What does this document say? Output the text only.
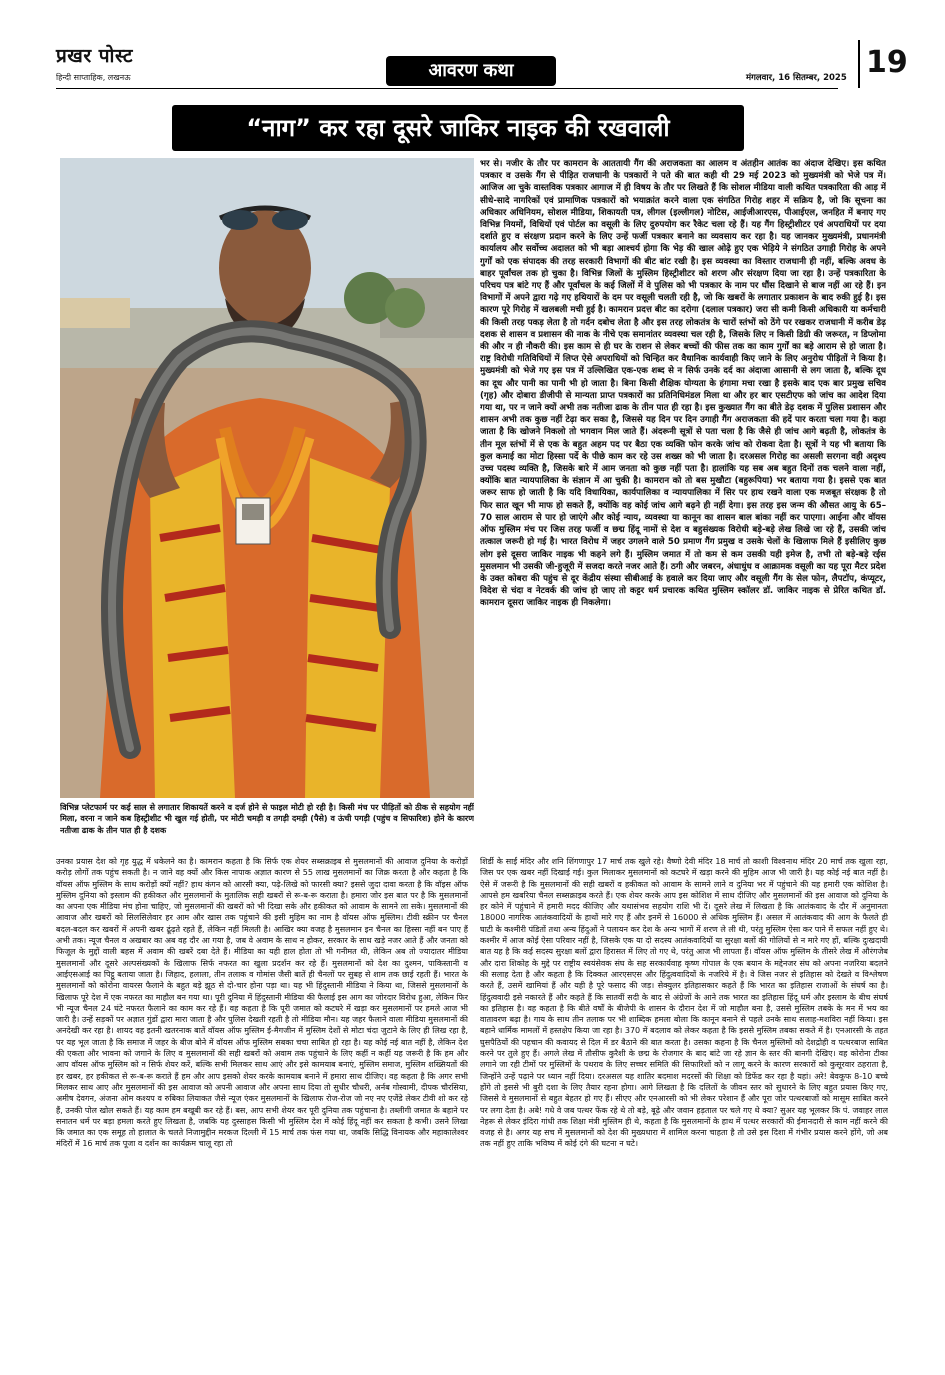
प्रखर पोस्ट
हिन्दी साप्ताहिक, लखनऊ	आवरण कथा	मंगलवार, 16 सितम्बर, 2025 19
“नाग” कर रहा दूसरे जाकिर नाइक की रखवाली
विभिन्न प्लेटफार्म पर कई साल से लगातार शिकायतें करने व दर्ज होने से फाइल मोटी हो रही है। किसी मंच पर पीड़ितों को ठीक से सहयोग नहीं मिला, वरना न जाने कब हिस्ट्रीशीट भी खुल गई होती, पर मोटी चमड़ी व तगड़ी दमड़ी (पैसे) व ऊंची पगड़ी (पहुंच व सिफारिश) होने के कारण नतीजा ढाक के तीन पात ही है दशक

भर से। नजीर के तौर पर कामरान के आततायी गैंग की अराजकता का आलम व अंतहीन आतंक का अंदाज देखिए। इस कथित पत्रकार व उसके गैंग से पीड़ित राजधानी के पत्रकारों ने पते की बात कही थी 29 मई 2023 को मुख्यमंत्री को भेजे पत्र में। आजिज आ चुके वास्तविक पत्रकार आगाज में ही विषय के तौर पर लिखते हैं कि सोशल मीडिया वाली कथित पत्रकारिता की आड़ में सीधे-सादे नागरिकों एवं प्रामाणिक पत्रकारों को भयाक्रांत करने वाला एक संगठित गिरोह शहर में सक्रिय है, जो कि सूचना का अधिकार अधिनियम, सोशल मीडिया, शिकायती पत्र, लीगल (इल्लीगल) नोटिस, आईजीआरएस, पीआईएल, जनहित में बनाए गए विभिन्न नियमों, विधियों एवं पोर्टल का वसूली के लिए दुरुपयोग कर रैकेट चला रहे हैं। यह गैंग हिस्ट्रीशीटर एवं अपराधियों पर दया दर्शाते हुए व संरक्षण प्रदान करने के लिए उन्हें फर्जी पत्रकार बनाने का व्यवसाय कर रहा है। यह जानकर मुख्यमंत्री, प्रधानमंत्री कार्यालय और सर्वोच्च अदालत को भी बड़ा आश्चर्य होगा कि भेड़ की खाल ओढ़े हुए एक भेड़िये ने संगठित उगाही गिरोह के अपने गुर्गों को एक संपादक की तरह सरकारी विभागों की बीट बांट रखी है। इस व्यवस्था का विस्तार राजधानी ही नहीं, बल्कि अवध के बाहर पूर्वांचल तक हो चुका है। विभिन्न जिलों के मुस्लिम हिस्ट्रीशीटर को शरण और संरक्षण दिया जा रहा है। उन्हें पत्रकारिता के परिचय पत्र बांटे गए हैं और पूर्वांचल के कई जिलों में वे पुलिस को भी पत्रकार के नाम पर धौंस दिखाने से बाज नहीं आ रहे हैं। इन विभागों में अपने द्वारा गढ़े गए हथियारों के दम पर वसूली चलती रही है, जो कि खबरों के लगातार प्रकाशन के बाद रुकी हुई है। इस कारण पूरे गिरोह में खलबली मची हुई है। कामरान प्रदत्त बीट का दरोगा (दलाल पत्रकार) जरा सी कमी किसी अधिकारी या कर्मचारी की किसी तरह पकड़ लेता है तो गर्दन दबोच लेता है और इस तरह लोकतंत्र के चारों स्तंभों को ठेंगे पर रखकर राजधानी में करीब डेढ़ दशक से शासन व प्रशासन की नाक के नीचे एक समानांतर व्यवस्था चल रही है, जिसके लिए न किसी डिग्री की जरूरत, न डिप्लोमा की और न ही नौकरी की। इस काम से ही घर के राशन से लेकर बच्चों की फीस तक का काम गुर्गों का बड़े आराम से हो जाता है। राष्ट्र विरोधी गतिविधियों में लिप्त ऐसे अपराधियों को चिन्हित कर वैधानिक कार्यवाही किए जाने के लिए अनुरोध पीड़ितों ने किया है। मुख्यमंत्री को भेजे गए इस पत्र में उल्लिखित एक-एक शब्द से न सिर्फ उनके दर्द का अंदाजा आसानी से लग जाता है, बल्कि दूध का दूध और पानी का पानी भी हो जाता है। बिना किसी शैक्षिक योग्यता के हंगामा मचा रखा है इसके बाद एक बार प्रमुख सचिव (गृह) और दोबारा डीजीपी से मान्यता प्राप्त पत्रकारों का प्रतिनिधिमंडल मिला था और हर बार एसटीएफ को जांच का आदेश दिया गया था, पर न जाने क्यों अभी तक नतीजा ढाक के तीन पात ही रहा है। इस कुख्यात गैंग का बीते डेढ़ दशक में पुलिस प्रशासन और शासन अभी तक कुछ नहीं टेढ़ा कर सका है, जिससे यह दिन पर दिन उगाही गैंग अराजकता की हदें पार करता चला गया है। कहा जाता है कि खोजने निकलो तो भगवान मिल जाते हैं। अंदरूनी सूत्रों से पता चला है कि जैसे ही जांच आगे बढ़ती है, लोकतंत्र के तीन मूल स्तंभों में से एक के बहुत अहम पद पर बैठा एक व्यक्ति फोन करके जांच को रोकवा देता है। सूत्रों ने यह भी बताया कि कुल कमाई का मोटा हिस्सा पर्दे के पीछे काम कर रहे उस शख्स को भी जाता है। दरअसल गिरोह का असली सरगना वही अदृश्य उच्च पदस्थ व्यक्ति है, जिसके बारे में आम जनता को कुछ नहीं पता है। हालांकि यह सब अब बहुत दिनों तक चलने वाला नहीं, क्योंकि बात न्यायपालिका के संज्ञान में आ चुकी है। कामरान को तो बस मुखौटा (बहुरूपिया) भर बताया गया है। इससे एक बात जरूर साफ हो जाती है कि यदि विधायिका, कार्यपालिका व न्यायपालिका में सिर पर हाथ रखने वाला एक मजबूत संरक्षक है तो फिर सात खून भी माफ हो सकते हैं, क्योंकि वह कोई जांच आगे बढ़ने ही नहीं देगा। इस तरह इस जन्म की औसत आयु के 65–70 साल आराम से पार हो जाएंगे और कोई न्याय, व्यवस्था या कानून का शासन बाल बांका नहीं कर पाएगा। आईना और वॉयस ऑफ मुस्लिम मंच पर जिस तरह फर्जी व छद्म हिंदू नामों से देश व बहुसंख्यक विरोधी बड़े-बड़े लेख लिखे जा रहे हैं, उसकी जांच तत्काल जरूरी हो गई है। भारत विरोध में जहर उगलने वाले 50 प्रमाण गैंग प्रमुख व उसके चेलों के खिलाफ मिले हैं इसीलिए कुछ लोग इसे दूसरा जाकिर नाइक भी कहने लगे हैं। मुस्लिम जमात में तो कम से कम उसकी यही इमेज है, तभी तो बड़े-बड़े रईस मुसलमान भी उसकी जी-हुजूरी में सजदा करते नजर आते हैं। ठगी और जबरन, अंधाधुंध व आक्रामक वसूली का यह पूरा मैटर प्रदेश के उक्त कोबरा की पहुंच से दूर केंद्रीय संस्था सीबीआई के हवाले कर दिया जाए और वसूली गैंग के सेल फोन, लैपटॉप, कंप्यूटर, विदेश से चंदा व नेटवर्क की जांच हो जाए तो कट्टर धर्म प्रचारक कथित मुस्लिम स्कॉलर डॉ. जाकिर नाइक से प्रेरित कथित डॉ. कामरान दूसरा जाकिर नाइक ही निकलेगा।

उनका प्रयास देश को गृह युद्ध में धकेलने का है। कामरान कहता है कि सिर्फ एक शेयर सब्सक्राइब से मुसलमानों की आवाज दुनिया के करोड़ों करोड़ लोगों तक पहुंच सकती है। न जाने वह क्यों और किस नापाक अज्ञात कारण से 55 लाख मुसलमानों का जिक्र करता है और कहता है कि वॉयस ऑफ मुस्लिम के साथ करोड़ों क्यों नहीं? हाथ कंगन को आरसी क्या, पढ़े-लिखे को फारसी क्या? इससे जुदा दावा करता है कि वॉइस ऑफ मुस्लिम दुनिया को इस्लाम की हकीकत और मुसलमानों के मुतालिक सही खबरों से रू-ब-रू कराता है। हमारा जोर इस बात पर है कि मुसलमानों का अपना एक मीडिया मंच होना चाहिए, जो मुसलमानों की खबरों को भी दिखा सके और हकीकत को आवाम के सामने ला सके। मुसलमानों की आवाज और खबरों को सिलसिलेवार हर आम और खास तक पहुंचाने की इसी मुहिम का नाम है वॉयस ऑफ मुस्लिम। टीवी स्क्रीन पर चैनल बदल-बदल कर खबरों में अपनी खबर ढूंढ़ते रहते हैं, लेकिन नहीं मिलती है। आखिर क्या वजह है मुसलमान इन चैनल का हिस्सा नहीं बन पाए हैं अभी तक। न्यूज चैनल व अखबार का अब वह दौर आ गया है, जब वे अवाम के साथ न होकर, सरकार के साथ खड़े नजर आते हैं और जनता को फिजूल के मुद्दों वाली बहस में अवाम की खबरें दबा देते हैं। मीडिया का यही हाल होता तो भी गनीमत थी, लेकिन अब तो ज्यादातर मीडिया मुसलमानों और दूसरे अल्पसंख्यकों के खिलाफ सिर्फ नफरत का खुला प्रदर्शन कर रहे हैं। मुसलमानों को देश का दुश्मन, पाकिस्तानी व आईएसआई का पिट्ठू बताया जाता है। जिहाद, हलाला, तीन तलाक व गोमांस जैसी बातें ही चैनलों पर सुबह से शाम तक छाई रहती हैं। भारत के मुसलमानों को कोरोना वायरस फैलाने के बहुत बड़े झूठ से दो-चार होना पड़ा था। यह भी हिंदुस्तानी मीडिया ने किया था, जिससे मुसलमानों के खिलाफ पूरे देश में एक नफरत का माहौल बन गया था। पूरी दुनिया में हिंदुस्तानी मीडिया की फैलाई इस आग का जोरदार विरोध हुआ, लेकिन फिर भी न्यूज चैनल 24 घंटे नफरत फैलाने का काम कर रहे हैं। वह कहता है कि पूरी जमात को कटघरे में खड़ा कर मुसलमानों पर हमले आज भी जारी है। उन्हें सड़कों पर अज्ञात गुंडों द्वारा मारा जाता है और पुलिस देखती रहती है तो मीडिया मौन। यह जहर फैलाने वाला मीडिया मुसलमानों की अनदेखी कर रहा है। शायद वह इतनी खतरनाक बातें वॉयस ऑफ मुस्लिम ई-मैगजीन में मुस्लिम देशों से मोटा चंदा जुटाने के लिए ही लिख रहा है, पर यह भूल जाता है कि समाज में जहर के बीज बोने में वॉयस ऑफ मुस्लिम सबका चचा साबित हो रहा है। यह कोई नई बात नहीं है, लेकिन देश की एकता और भावना को जगाने के लिए व मुसलमानों की सही खबरों को अवाम तक पहुंचाने के लिए कहीं न कहीं यह जरूरी है कि हम और आप वॉयस ऑफ मुस्लिम को न सिर्फ शेयर करें, बल्कि सभी मिलकर साथ आएं और इसे कामयाब बनाएं, मुस्लिम समाज, मुस्लिम शख्सियतों की हर खबर, हर हकीकत से रू-ब-रू कराते हैं हम और आप इसको शेयर करके कामयाब बनाने में हमारा साथ दीजिए। वह कहता है कि अगर सभी मिलकर साथ आए और मुसलमानों की इस आवाज को अपनी आवाज और अपना साथ दिया तो सुधीर चौधरी, अर्नब गोस्वामी, दीपक चौरसिया, अमीष देवगन, अंजना ओम कश्यप व रुबिका लियाकत जैसे न्यूज एंकर मुसलमानों के खिलाफ रोज-रोज जो नए नए एजेंडे लेकर टीवी शो कर रहे हैं, उनकी पोल खोल सकते हैं। यह काम हम बखूबी कर रहे हैं। बस, आप सभी शेयर कर पूरी दुनिया तक पहुंचाना है। तब्लीगी जमात के बहाने पर सनातन धर्म पर बड़ा हमला करते हुए लिखता है, जबकि यह दुस्साहस किसी भी मुस्लिम देश में कोई हिंदू नहीं कर सकता है कभी। उसने लिखा कि जमात का एक समूह तो हालात के चलते निजामुद्दीन मरकज दिल्ली में 15 मार्च तक फंस गया था, जबकि सिद्धि विनायक और महाकालेश्वर मंदिरों में 16 मार्च तक पूजा व दर्शन का कार्यक्रम चालू रहा तो

शिर्डी के साईं मंदिर और शनि शिंगणापुर 17 मार्च तक खुले रहे। वैष्णो देवी मंदिर 18 मार्च तो काशी विश्वनाथ मंदिर 20 मार्च तक खुला रहा, जिस पर एक खबर नहीं दिखाई गई। कुल मिलाकर मुसलमानों को कटघरे में खड़ा करने की मुहिम आज भी जारी है। यह कोई नई बात नहीं है। ऐसे में जरूरी है कि मुसलमानों की सही खबरों व हकीकत को आवाम के सामने लाने व दुनिया भर में पहुंचाने की यह हमारी एक कोशिश है। आपसे हम खबरिया चैनल सब्सक्राइब करते हैं। एक शेयर करके आप इस कोशिश में साथ दीजिए और मुसलमानों की इस आवाज को दुनिया के हर कोने में पहुंचाने में हमारी मदद कीजिए और यथासंभव सहयोग राशि भी दें। दूसरे लेख में लिखता है कि आतंकवाद के दौर में अनुमानतः 18000 नागरिक आतंकवादियों के हाथों मारे गए हैं और इनमें से 16000 से अधिक मुस्लिम हैं। असल में आतंकवाद की आग के फैलते ही घाटी के कश्मीरी पंडितों तथा अन्य हिंदुओं ने पलायन कर देश के अन्य भागों में शरण ले ली थी, परंतु मुस्लिम ऐसा कर पाने में सफल नहीं हुए थे। कश्मीर में आज कोई ऐसा परिवार नहीं है, जिसके एक या दो सदस्य आतंकवादियों या सुरक्षा बलों की गोलियों से न मारे गए हों, बल्कि दुःखदायी बात यह है कि कई सदस्य सुरक्षा बलों द्वारा हिरासत में लिए तो गए थे, परंतु आज भी लापता हैं। वॉयस ऑफ मुस्लिम के तीसरे लेख में औरंगजेब और दारा शिकोह के मुद्दे पर राष्ट्रीय स्वयंसेवक संघ के सह सरकार्यवाह कृष्ण गोपाल के एक बयान के मद्देनजर संघ को अपना नजरिया बदलने की सलाह देता है और कहता है कि दिक्कत आरएसएस और हिंदुत्ववादियों के नजरिये में है। वे जिस नजर से इतिहास को देखते व विश्लेषण करते हैं, उसमें खामियां हैं और यही है पूरे फसाद की जड़। सेक्युलर इतिहासकार कहते हैं कि भारत का इतिहास राजाओं के संघर्ष का है। हिंदुत्ववादी इसे नकारते हैं और कहते हैं कि सातवीं सदी के बाद से अंग्रेजों के आने तक भारत का इतिहास हिंदू धर्म और इस्लाम के बीच संघर्ष का इतिहास है। वह कहता है कि बीते वर्षों के बीजेपी के शासन के दौरान देश में जो माहौल बना है, उससे मुस्लिम तबके के मन में भय का वातावरण बढ़ा है। गाय के साथ तीन तलाक पर भी शाब्दिक हमला बोला कि कानून बनाने से पहले उनके साथ सलाह-मशविरा नहीं किया। इस बहाने धार्मिक मामलों में हस्तक्षेप किया जा रहा है। 370 में बदलाव को लेकर कहता है कि इससे मुस्लिम तबका सकते में है। एनआरसी के तहत घुसपैठियों की पहचान की कवायद से दिल में डर बैठाने की बात करता है। उसका कहना है कि चैनल मुस्लिमों को देशद्रोही व पत्थरबाज साबित करने पर तुले हुए हैं। अगले लेख में तौसीफ कुरैशी के छद्म के रोजगार के बाद बांटे जा रहे ज्ञान के स्तर की बानगी देखिए। वह कोरोना टीका लगाने जा रही टीमों पर मुस्लिमों के पथराव के लिए सच्चर समिति की सिफारिशों को न लागू करने के कारण सरकारों को कुसूरवार ठहराता है, जिन्होंने उन्हें पढ़ाने पर ध्यान नहीं दिया। दरअसल यह शातिर बदमाश मदरसों की शिक्षा को डिफेंड कर रहा है यहां। अरे! बेवकूफ 8-10 बच्चे होंगे तो इससे भी बुरी दशा के लिए तैयार रहना होगा। आगे लिखता है कि दलितों के जीवन स्तर को सुधारने के लिए बहुत प्रयास किए गए, जिससे वे मुसलमानों से बहुत बेहतर हो गए हैं। सीएए और एनआरसी को भी लेकर परेशान हैं और पूरा जोर पत्थरबाजों को मासूम साबित करने पर लगा देता है। अबे! गधे वे जब पत्थर फेंक रहे थे तो बड़े, बूढ़े और जवान हड़ताल पर चले गए थे क्या? सुअर यह भूलकर कि पं. जवाहर लाल नेहरू से लेकर इंदिरा गांधी तक शिक्षा मंत्री मुस्लिम ही थे, कहता है कि मुसलमानों के हाथ में पत्थर सरकारों की ईमानदारी से काम नहीं करने की वजह से है। अगर यह सच में मुसलमानों को देश की मुख्यधारा में शामिल करना चाहता है तो उसे इस दिशा में गंभीर प्रयास करने होंगे, जो अब तक नहीं हुए ताकि भविष्य में कोई दंगे की घटना न घटे।
